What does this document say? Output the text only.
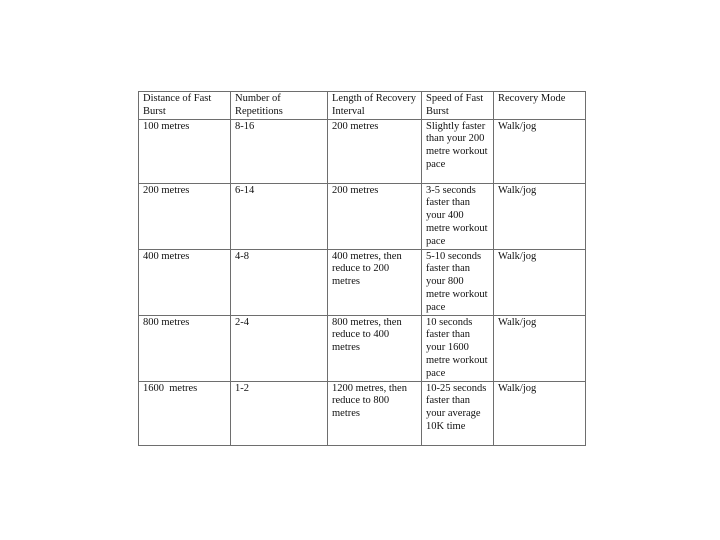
Distance of Fast Burst	Number of Repetitions	Length of Recovery Interval	Speed of Fast Burst	Recovery Mode

100 metres	8-16	200 metres	Slightly faster than your 200 metre workout pace	Walk/jog

200 metres	6-14	200 metres	3-5 seconds faster than your 400 metre workout pace	Walk/jog

400 metres	4-8	400 metres, then reduce to 200 metres	5-10 seconds faster than your 800 metre workout pace	Walk/jog

800 metres	2-4	800 metres, then reduce to 400 metres	10 seconds faster than your 1600 metre workout pace	Walk/jog

1600  metres	1-2	1200 metres, then reduce to 800 metres	10-25 seconds faster than your average 10K time	Walk/jog
